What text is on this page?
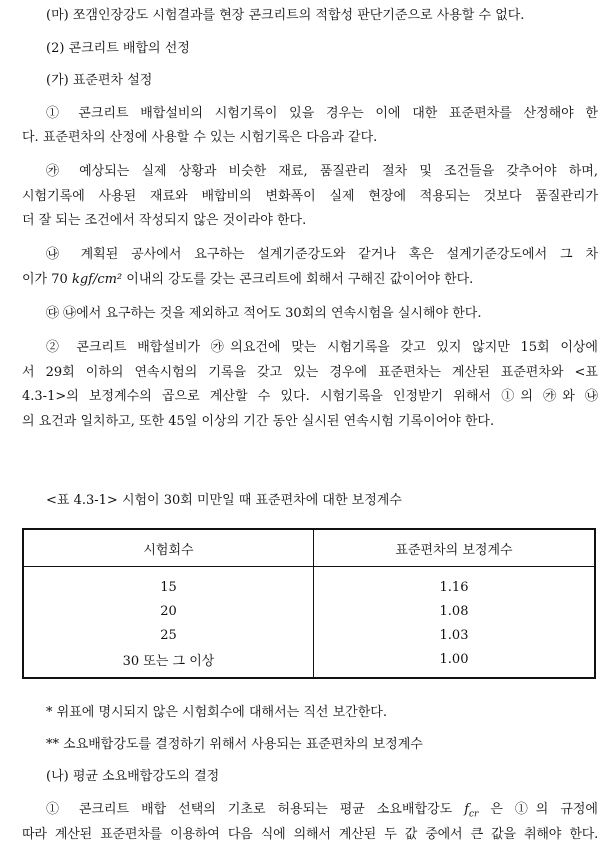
(마) 쪼갬인장강도 시험결과를 현장 콘크리트의 적합성 판단기준으로 사용할 수 없다.
(2) 콘크리트 배합의 선정
(가) 표준편차 설정
① 콘크리트 배합설비의 시험기록이 있을 경우는 이에 대한 표준편차를 산정해야 한
다. 표준편차의 산정에 사용할 수 있는 시험기록은 다음과 같다.
㉮ 예상되는 실제 상황과 비슷한 재료, 품질관리 절차 및 조건들을 갖추어야 하며,
시험기록에 사용된 재료와 배합비의 변화폭이 실제 현장에 적용되는 것보다 품질관리가
더 잘 되는 조건에서 작성되지 않은 것이라야 한다.
㉯ 계획된 공사에서 요구하는 설계기준강도와 같거나 혹은 설계기준강도에서 그 차
이가 70 kgf/cm² 이내의 강도를 갖는 콘크리트에 회해서 구해진 값이어야 한다.
㉰ ㉯에서 요구하는 것을 제외하고 적어도 30회의 연속시험을 실시해야 한다.
② 콘크리트 배합설비가 ㉮의요건에 맞는 시험기록을 갖고 있지 않지만 15회 이상에
서 29회 이하의 연속시험의 기록을 갖고 있는 경우에 표준편차는 계산된 표준편차와 <표
4.3-1>의 보정계수의 곱으로 계산할 수 있다. 시험기록을 인정받기 위해서 ①의 ㉮와 ㉯
의 요건과 일치하고, 또한 45일 이상의 기간 동안 실시된 연속시험 기록이어야 한다.
<표 4.3-1> 시험이 30회 미만일 때 표준편차에 대한 보정계수
시험회수	표준편차의 보정계수
15	1.16
20	1.08
25	1.03
30 또는 그 이상	1.00
* 위표에 명시되지 않은 시험회수에 대해서는 직선 보간한다.
** 소요배합강도를 결정하기 위해서 사용되는 표준편차의 보정계수
(나) 평균 소요배합강도의 결정
① 콘크리트 배합 선택의 기초로 허용되는 평균 소요배합강도 $f_{cr}$ 은 ①의 규정에
따라 계산된 표준편차를 이용하여 다음 식에 의해서 계산된 두 값 중에서 큰 값을 취해야 한다.
